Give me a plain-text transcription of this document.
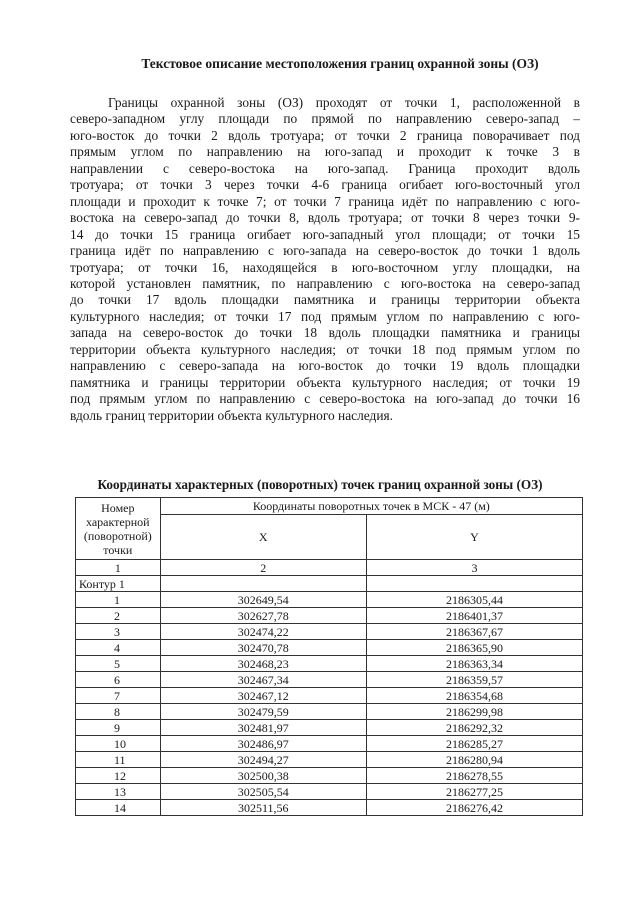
Текстовое описание местоположения границ охранной зоны (ОЗ)
Границы охранной зоны (ОЗ) проходят от точки 1, расположенной в
северо-западном углу площади по прямой по направлению северо-запад –
юго-восток до точки 2 вдоль тротуара; от точки 2 граница поворачивает под
прямым углом по направлению на юго-запад и проходит к точке 3 в
направлении с северо-востока на юго-запад. Граница проходит вдоль
тротуара; от точки 3 через точки 4-6 граница огибает юго-восточный угол
площади и проходит к точке 7; от точки 7 граница идёт по направлению с юго-
востока на северо-запад до точки 8, вдоль тротуара; от точки 8 через точки 9-
14 до точки 15 граница огибает юго-западный угол площади; от точки 15
граница идёт по направлению с юго-запада на северо-восток до точки 1 вдоль
тротуара; от точки 16, находящейся в юго-восточном углу площадки, на
которой установлен памятник, по направлению с юго-востока на северо-запад
до точки 17 вдоль площадки памятника и границы территории объекта
культурного наследия; от точки 17 под прямым углом по направлению с юго-
запада на северо-восток до точки 18 вдоль площадки памятника и границы
территории объекта культурного наследия; от точки 18 под прямым углом по
направлению с северо-запада на юго-восток до точки 19 вдоль площадки
памятника и границы территории объекта культурного наследия; от точки 19
под прямым углом по направлению с северо-востока на юго-запад до точки 16
вдоль границ территории объекта культурного наследия.
Координаты характерных (поворотных) точек границ охранной зоны (ОЗ)
Номер характерной (поворотной) точки	Координаты поворотных точек в МСК - 47 (м)	
	X	Y
1	2	3
Контур 1		
1	302649,54	2186305,44
2	302627,78	2186401,37
3	302474,22	2186367,67
4	302470,78	2186365,90
5	302468,23	2186363,34
6	302467,34	2186359,57
7	302467,12	2186354,68
8	302479,59	2186299,98
9	302481,97	2186292,32
10	302486,97	2186285,27
11	302494,27	2186280,94
12	302500,38	2186278,55
13	302505,54	2186277,25
14	302511,56	2186276,42
